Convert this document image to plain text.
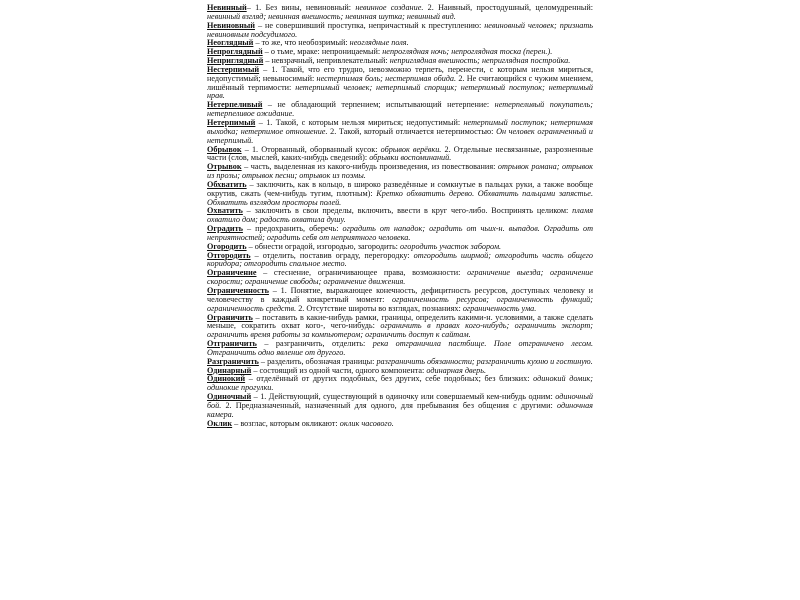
Невинный– 1. Без вины, невиновный: невинное создание. 2. Наивный, простодушный, целомудренный: невинный взгляд; невинная внешность; невинная шутка; невинный вид.

Невиновный – не совершивший проступка, непричастный к преступлению: невиновный человек; признать невиновным подсудимого.

Неоглядный – то же, что необозримый: неоглядные поля.

Непроглядный – о тьме, мраке: непроницаемый: непроглядная ночь; непроглядная тоска (перен.).

Неприглядный – невзрачный, непривлекательный: неприглядная внешность; неприглядная постройка.

Нестерпимый – 1. Такой, что его трудно, невозможно терпеть, перенести, с которым нельзя мириться, недопустимый; невыносимый: нестерпимая боль; нестерпимая обида. 2. Не считающийся с чужим мнением, лишённый терпимости: нетерпимый человек; нетерпимый спорщик; нетерпимый поступок; нетерпимый нрав.

Нетерпеливый – не обладающий терпением; испытывающий нетерпение: нетерпеливый покупатель; нетерпеливое ожидание.

Нетерпимый – 1. Такой, с которым нельзя мириться; недопустимый: нетерпимый поступок; нетерпимая выходка; нетерпимое отношение. 2. Такой, который отличается нетерпимостью: Он человек ограниченный и нетерпимый.

Обрывок – 1. Оторванный, оборванный кусок: обрывок верёвки. 2. Отдельные несвязанные, разрозненные части (слов, мыслей, каких-нибудь сведений): обрывки воспоминаний.

Отрывок – часть, выделенная из какого-нибудь произведения, из повествования: отрывок романа; отрывок из прозы; отрывок песни; отрывок из поэмы.

Обхватить – заключить, как в кольцо, в широко разведённые и сомкнутые в пальцах руки, а также вообще окрутив, сжать (чем-нибудь тугим, плотным): Кретко обхватить дерево. Обхватить пальцами запястье. Обхватить взглядом просторы полей.

Охватить – заключить в свои пределы, включить, ввести в круг чего-либо. Воспринять целиком: пламя охватило дом; радость охватила душу.

Оградить – предохранить, оберечь: оградить от нападок; оградить от чьих-н. выпадов. Оградить от неприятностей; оградить себя от неприятного человека.

Огородить – обнести оградой, изгородью, загородить: огородить участок забором.

Отгородить – отделить, поставив ограду, перегородку: отгородить ширмой; отгородить часть общего коридора; отгородить спальное место.

Ограничение – стеснение, ограничивающее права, возможности: ограничение выезда; ограничение скорости; ограничение свободы; ограничение движения.

Ограниченность – 1. Понятие, выражающее конечность, дефицитность ресурсов, доступных человеку и человечеству в каждый конкретный момент: ограниченность ресурсов; ограниченность функций; ограниченность средств. 2. Отсутствие широты во взглядах, познаниях: ограниченность ума.

Ограничить – поставить в какие-нибудь рамки, границы, определить какими-н. условиями, а также сделать меньше, сократить охват кого-, чего-нибудь: ограничить в правах кого-нибудь; ограничить экспорт; ограничить время работы за компьютером; ограничить доступ к сайтам.

Отграничить – разграничить, отделить: река отграничила пастбище. Поле отграничено лесом. Отграничить одно явление от другого.

Разграничить – разделить, обозначая границы: разграничить обязанности; разграничить кухню и гостиную.

Одинарный – состоящий из одной части, одного компонента: одинарная дверь.

Одинокий – отделённый от других подобных, без других, себе подобных; без близких: одинокий домик; одинокие прогулки.

Одиночный – 1. Действующий, существующий в одиночку или совершаемый кем-нибудь одним: одиночный бой. 2. Предназначенный, назначенный для одного, для пребывания без общения с другими: одиночная камера.

Оклик – возглас, которым окликают: оклик часового.
